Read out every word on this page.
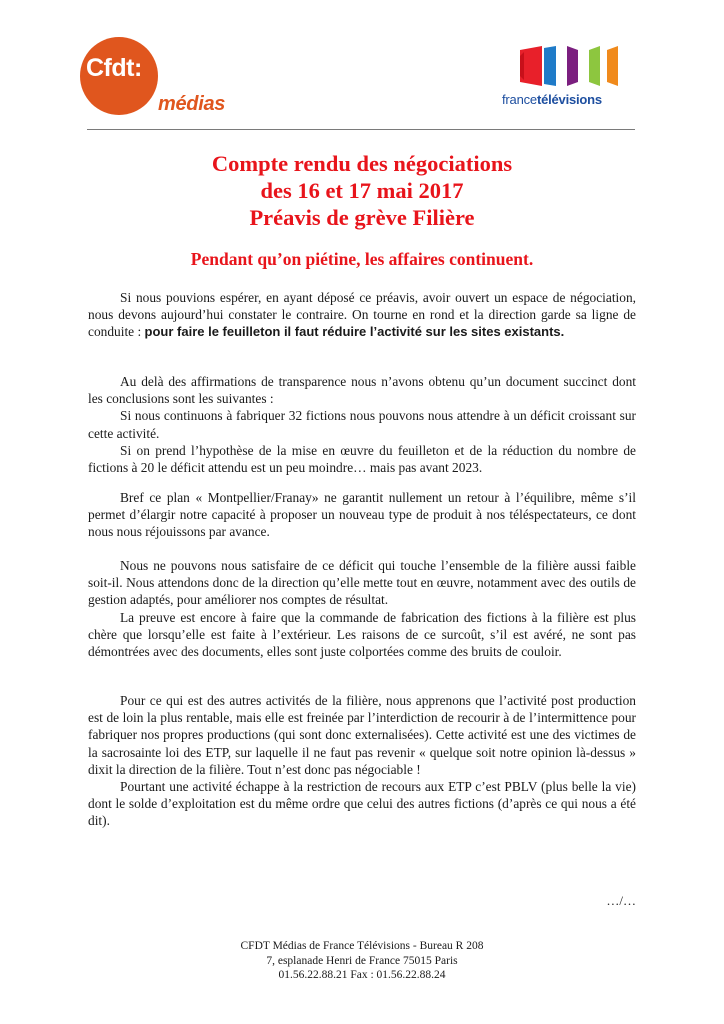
Cfdt:
médias	francetélévisions
Compte rendu des négociations
des 16 et 17 mai 2017
Préavis de grève Filière
Pendant qu’on piétine, les affaires continuent.

Si nous pouvions espérer, en ayant déposé ce préavis, avoir ouvert un espace de négociation, nous devons aujourd’hui constater le contraire. On tourne en rond et la direction garde sa ligne de conduite : pour faire le feuilleton il faut réduire l’activité sur les sites existants.

Au delà des affirmations de transparence nous n’avons obtenu qu’un document succinct dont les conclusions sont les suivantes :

Si nous continuons à fabriquer 32 fictions nous pouvons nous attendre à un déficit croissant sur cette activité.

Si on prend l’hypothèse de la mise en œuvre du feuilleton et de la réduction du nombre de fictions à 20 le déficit attendu est un peu moindre… mais pas avant 2023.

Bref ce plan « Montpellier/Franay» ne garantit nullement un retour à l’équilibre, même s’il permet d’élargir notre capacité à proposer un nouveau type de produit à nos téléspectateurs, ce dont nous nous réjouissons par avance.

Nous ne pouvons nous satisfaire de ce déficit qui touche l’ensemble de la filière aussi faible soit-il. Nous attendons donc de la direction qu’elle mette tout en œuvre, notamment avec des outils de gestion adaptés, pour améliorer nos comptes de résultat.

La preuve est encore à faire que la commande de fabrication des fictions à la filière est plus chère que lorsqu’elle est faite à l’extérieur. Les raisons de ce surcoût, s’il est avéré, ne sont pas démontrées avec des documents, elles sont juste colportées comme des bruits de couloir.

Pour ce qui est des autres activités de la filière, nous apprenons que l’activité post production est de loin la plus rentable, mais elle est freinée par l’interdiction de recourir à de l’intermittence pour fabriquer nos propres productions (qui sont donc externalisées). Cette activité est une des victimes de la sacrosainte loi des ETP, sur laquelle il ne faut pas revenir « quelque soit notre opinion là-dessus » dixit la direction de la filière. Tout n’est donc pas négociable !

Pourtant une activité échappe à la restriction de recours aux ETP c’est PBLV (plus belle la vie) dont le solde d’exploitation est du même ordre que celui des autres fictions (d’après ce qui nous a été dit).

…/…
CFDT Médias de France Télévisions - Bureau R 208
7, esplanade Henri de France 75015 Paris
01.56.22.88.21 Fax : 01.56.22.88.24
